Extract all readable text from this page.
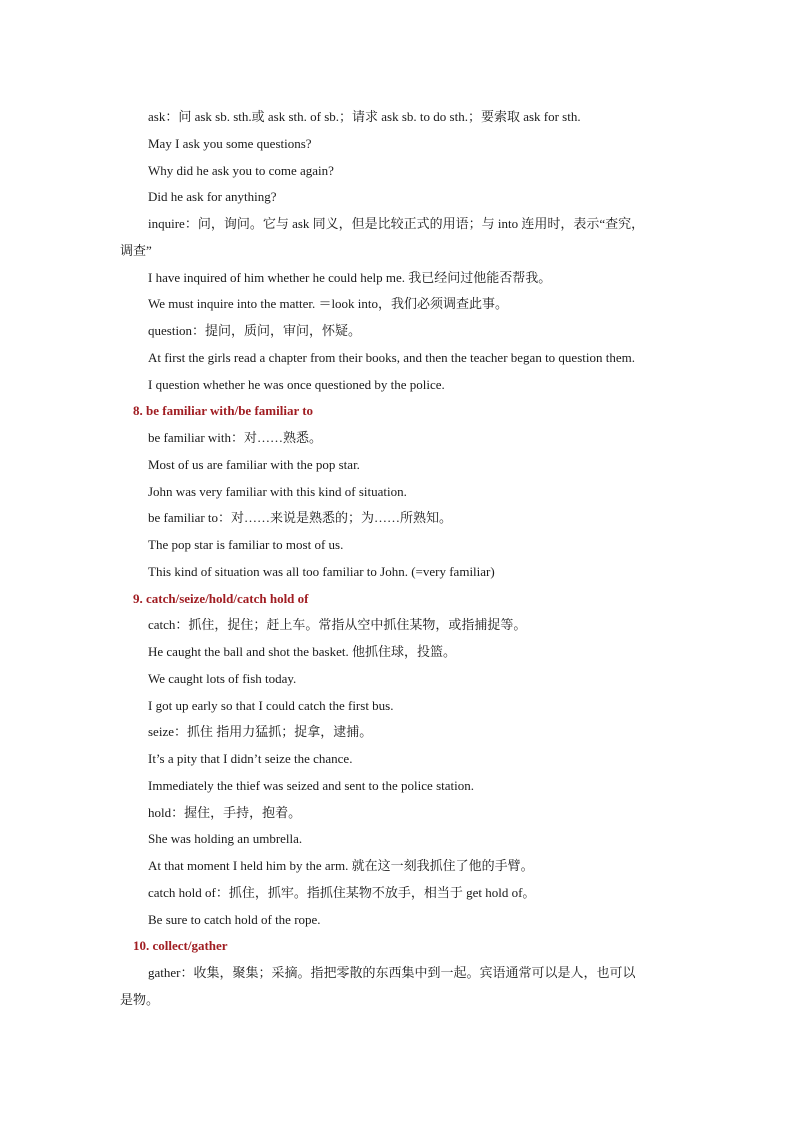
ask：问 ask sb. sth.或 ask sth. of sb.；请求 ask sb. to do sth.；要索取 ask for sth.
May I ask you some questions?
Why did he ask you to come again?
Did he ask for anything?
inquire：问，询问。它与 ask 同义，但是比较正式的用语；与 into 连用时，表示“查究，
调查”
I have inquired of him whether he could help me. 我已经问过他能否帮我。
We must inquire into the matter. ＝look into，我们必须调查此事。
question：提问，质问，审问，怀疑。
At first the girls read a chapter from their books, and then the teacher began to question them.
I question whether he was once questioned by the police.
8. be familiar with/be familiar to
be familiar with：对……熟悉。
Most of us are familiar with the pop star.
John was very familiar with this kind of situation.
be familiar to：对……来说是熟悉的；为……所熟知。
The pop star is familiar to most of us.
This kind of situation was all too familiar to John. (=very familiar)
9. catch/seize/hold/catch hold of
catch：抓住，捉住；赶上车。常指从空中抓住某物，或指捕捉等。
He caught the ball and shot the basket. 他抓住球，投篮。
We caught lots of fish today.
I got up early so that I could catch the first bus.
seize：抓住 指用力猛抓；捉拿，逮捕。
It’s a pity that I didn’t seize the chance.
Immediately the thief was seized and sent to the police station.
hold：握住，手持，抱着。
She was holding an umbrella.
At that moment I held him by the arm. 就在这一刻我抓住了他的手臂。
catch hold of：抓住，抓牢。指抓住某物不放手，相当于 get hold of。
Be sure to catch hold of the rope.
10. collect/gather
gather：收集，聚集；采摘。指把零散的东西集中到一起。宾语通常可以是人，也可以
是物。
